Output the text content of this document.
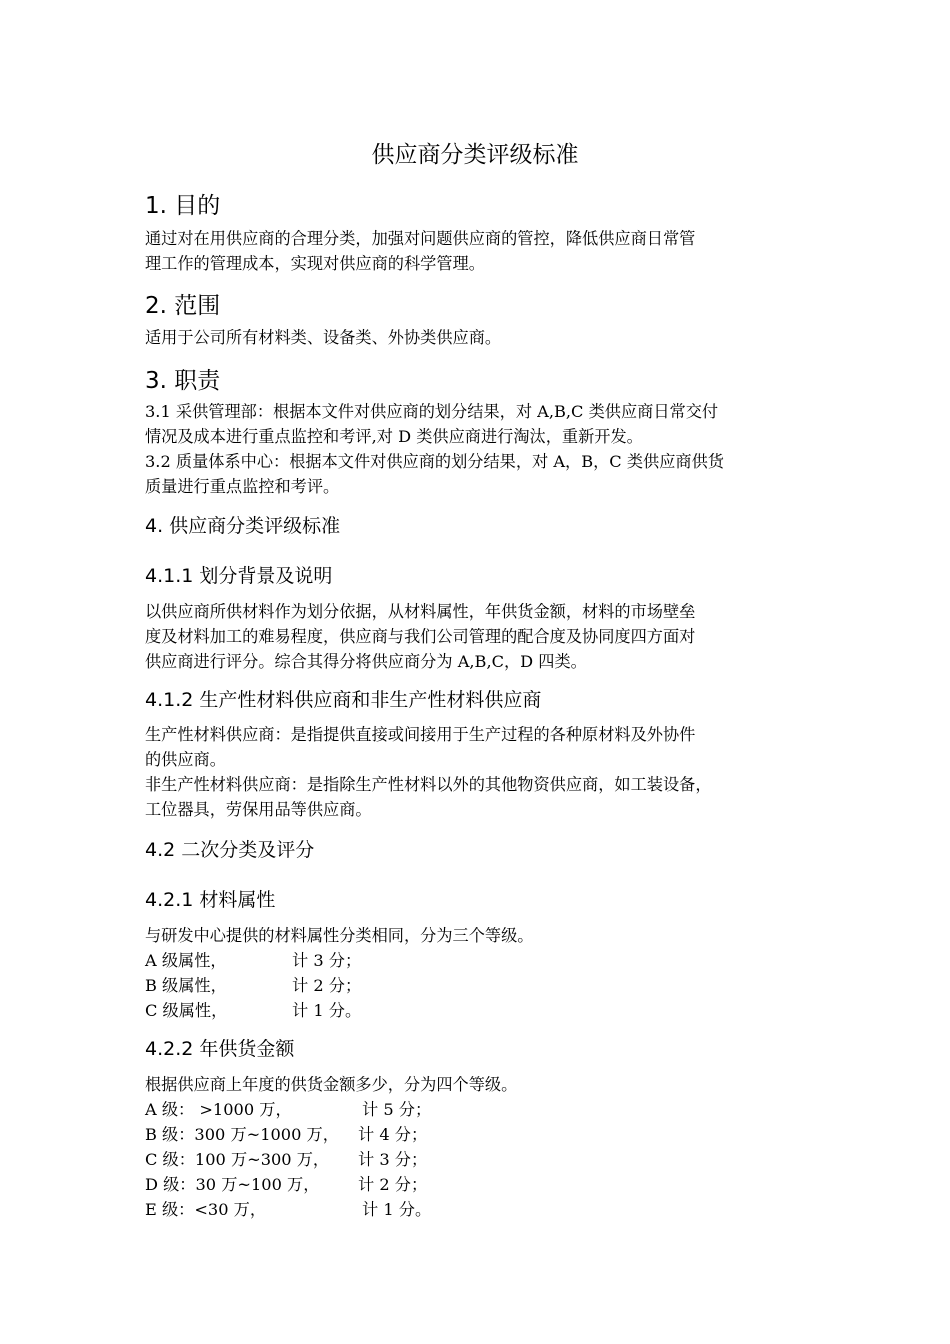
供应商分类评级标准
1. 目的
通过对在用供应商的合理分类，加强对问题供应商的管控，降低供应商日常管
理工作的管理成本，实现对供应商的科学管理。
2. 范围
适用于公司所有材料类、设备类、外协类供应商。
3. 职责
3.1 采供管理部：根据本文件对供应商的划分结果，对 A,B,C 类供应商日常交付
情况及成本进行重点监控和考评,对 D 类供应商进行淘汰，重新开发。
3.2 质量体系中心：根据本文件对供应商的划分结果，对 A，B，C 类供应商供货
质量进行重点监控和考评。
4. 供应商分类评级标准
4.1.1 划分背景及说明
以供应商所供材料作为划分依据，从材料属性，年供货金额，材料的市场壁垒
度及材料加工的难易程度，供应商与我们公司管理的配合度及协同度四方面对
供应商进行评分。综合其得分将供应商分为 A,B,C，D 四类。
4.1.2 生产性材料供应商和非生产性材料供应商
生产性材料供应商：是指提供直接或间接用于生产过程的各种原材料及外协件
的供应商。
非生产性材料供应商：是指除生产性材料以外的其他物资供应商，如工装设备，
工位器具，劳保用品等供应商。
4.2 二次分类及评分
4.2.1 材料属性
与研发中心提供的材料属性分类相同，分为三个等级。
A 级属性，	计 3 分；
B 级属性，	计 2 分；
C 级属性，	计 1 分。
4.2.2 年供货金额
根据供应商上年度的供货金额多少，分为四个等级。
A 级： >1000 万，	计 5 分；
B 级：300 万~1000 万， 计 4 分；
C 级：100 万~300 万， 计 3 分；
D 级：30 万~100 万， 计 2 分；
E 级：<30 万，	计 1 分。
